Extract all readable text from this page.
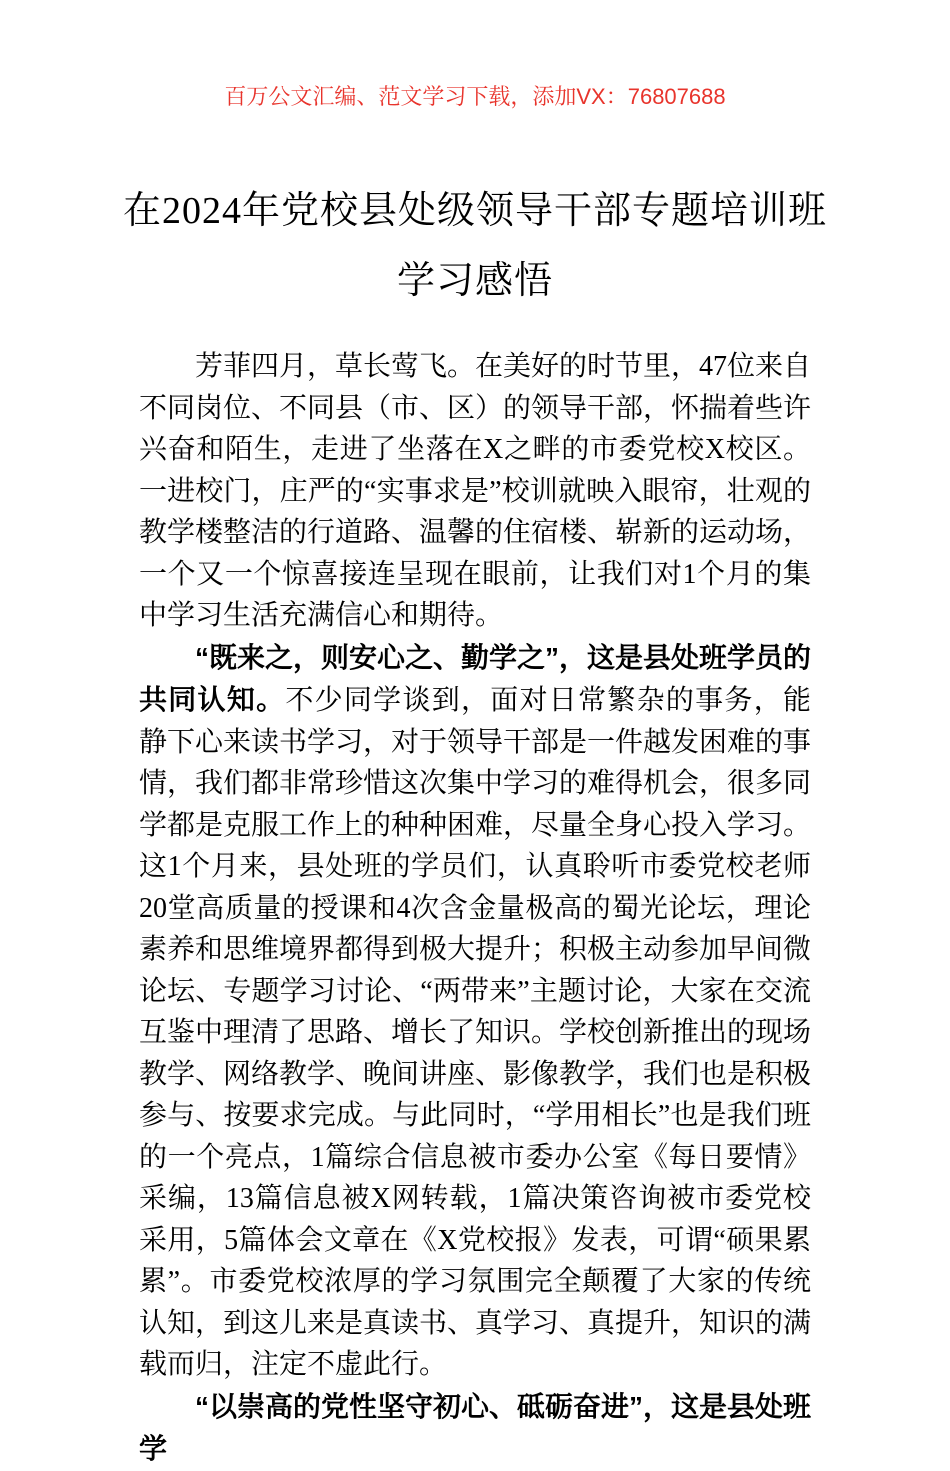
百万公文汇编、范文学习下载，添加VX：76807688
在2024年党校县处级领导干部专题培训班
学习感悟

芳菲四月，草长莺飞。在美好的时节里，47位来自不同岗位、不同县（市、区）的领导干部，怀揣着些许兴奋和陌生，走进了坐落在X之畔的市委党校X校区。一进校门，庄严的“实事求是”校训就映入眼帘，壮观的教学楼整洁的行道路、温馨的住宿楼、崭新的运动场，一个又一个惊喜接连呈现在眼前，让我们对1个月的集中学习生活充满信心和期待。

“既来之，则安心之、勤学之”，这是县处班学员的共同认知。不少同学谈到，面对日常繁杂的事务，能静下心来读书学习，对于领导干部是一件越发困难的事情，我们都非常珍惜这次集中学习的难得机会，很多同学都是克服工作上的种种困难，尽量全身心投入学习。这1个月来，县处班的学员们，认真聆听市委党校老师20堂高质量的授课和4次含金量极高的蜀光论坛，理论素养和思维境界都得到极大提升；积极主动参加早间微论坛、专题学习讨论、“两带来”主题讨论，大家在交流互鉴中理清了思路、增长了知识。学校创新推出的现场教学、网络教学、晚间讲座、影像教学，我们也是积极参与、按要求完成。与此同时，“学用相长”也是我们班的一个亮点，1篇综合信息被市委办公室《每日要情》采编，13篇信息被X网转载，1篇决策咨询被市委党校采用，5篇体会文章在《X党校报》发表，可谓“硕果累累”。市委党校浓厚的学习氛围完全颠覆了大家的传统认知，到这儿来是真读书、真学习、真提升，知识的满载而归，注定不虚此行。

“以崇高的党性坚守初心、砥砺奋进”，这是县处班学
